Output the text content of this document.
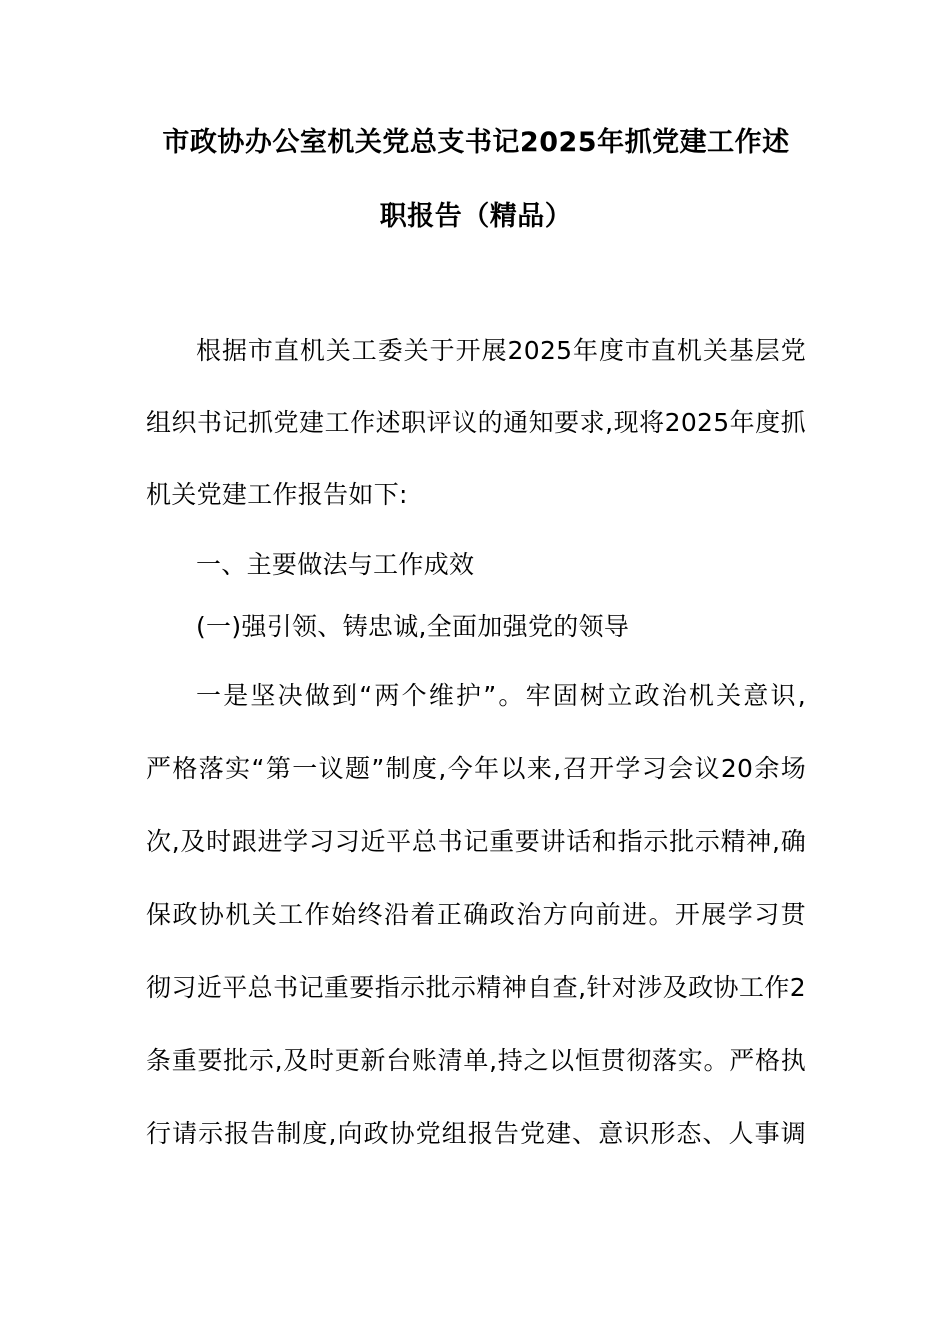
市政协办公室机关党总支书记2025年抓党建工作述
职报告（精品）
根据市直机关工委关于开展2025年度市直机关基层党
组织书记抓党建工作述职评议的通知要求,现将2025年度抓
机关党建工作报告如下:
一、主要做法与工作成效
(一)强引领、铸忠诚,全面加强党的领导
一是坚决做到“两个维护”。牢固树立政治机关意识,
严格落实“第一议题”制度,今年以来,召开学习会议20余场
次,及时跟进学习习近平总书记重要讲话和指示批示精神,确
保政协机关工作始终沿着正确政治方向前进。开展学习贯
彻习近平总书记重要指示批示精神自查,针对涉及政协工作2
条重要批示,及时更新台账清单,持之以恒贯彻落实。严格执
行请示报告制度,向政协党组报告党建、意识形态、人事调
